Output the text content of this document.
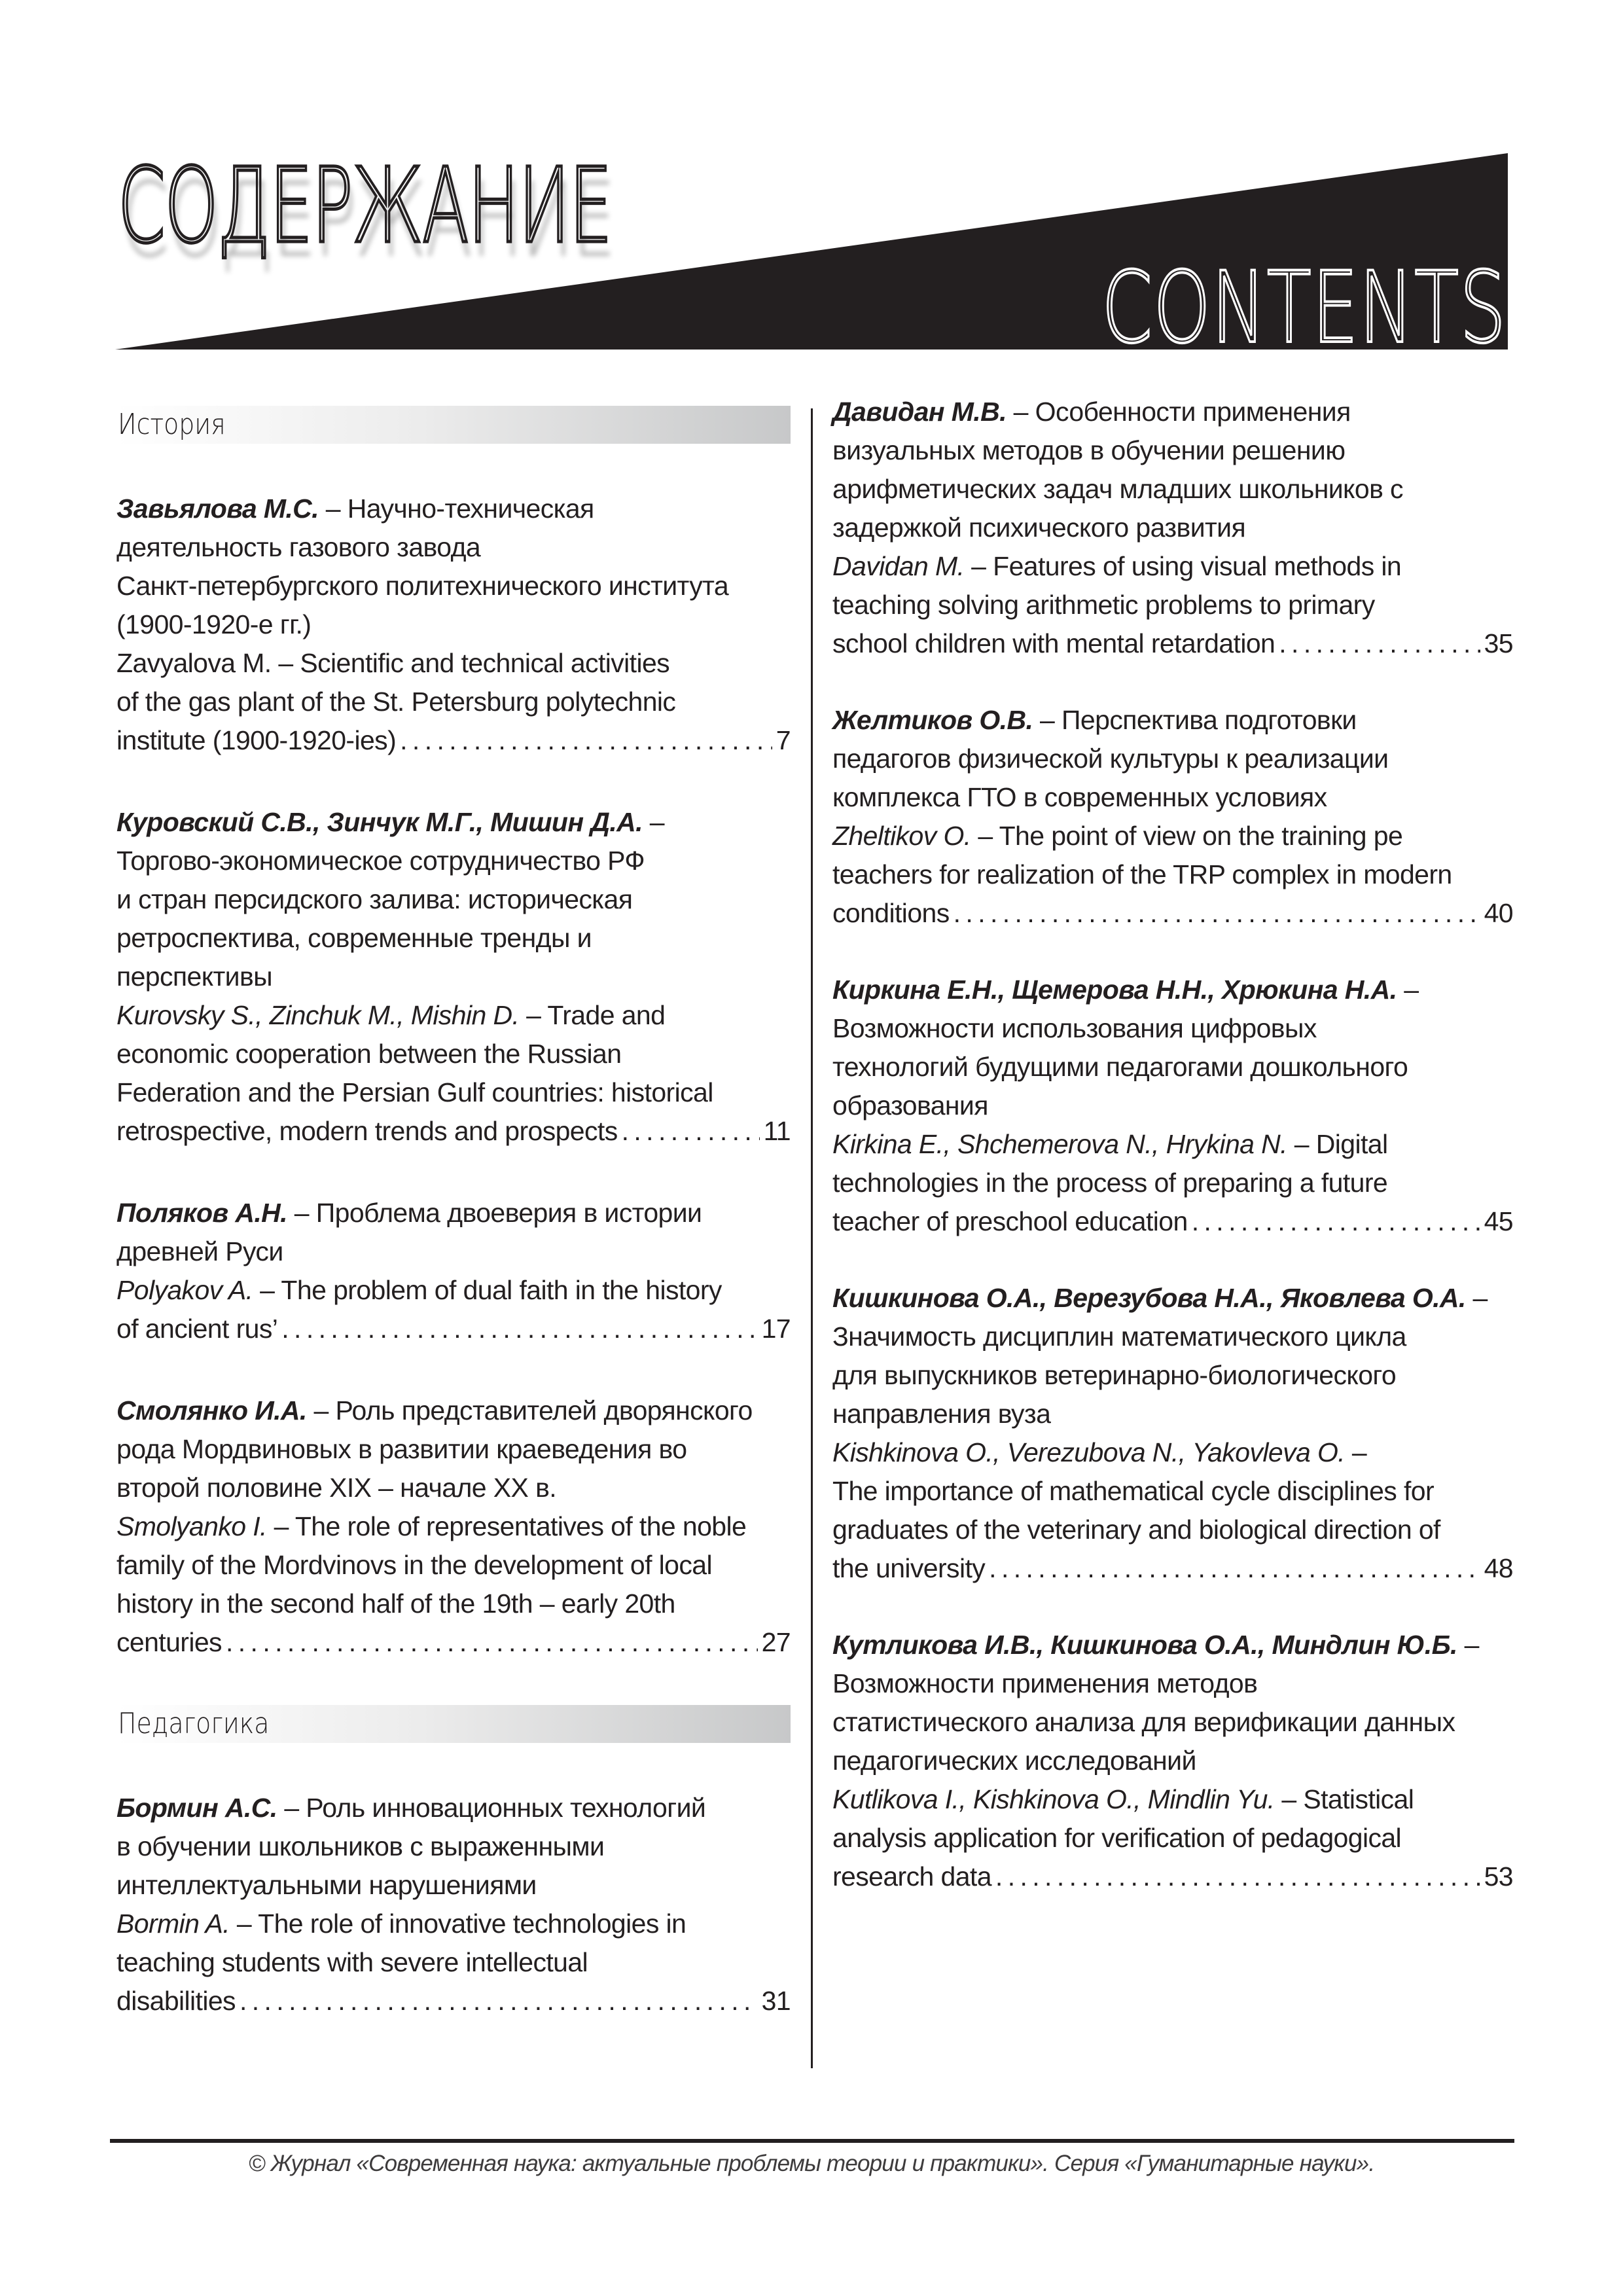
СОДЕРЖАНИЕ
CONTENTS
История
Завьялова М.С. – Научно-техническая
деятельность газового завода
Санкт-петербургского политехнического института
(1900-1920-е гг.)
Zavyalova M. – Scientific and technical activities
of the gas plant of the St. Petersburg polytechnic
institute (1900-1920-ies) . . .	7
Куровский С.В., Зинчук М.Г., Мишин Д.А. –
Торгово-экономическое сотрудничество РФ
и стран персидского залива: историческая
ретроспектива, современные тренды и
перспективы
Kurovsky S., Zinchuk M., Mishin D. – Trade and
economic cooperation between the Russian
Federation and the Persian Gulf countries: historical
retrospective, modern trends and prospects . . .	11
Поляков А.Н. – Проблема двоеверия в истории
древней Руси
Polyakov A. – The problem of dual faith in the history
of ancient rus’ . . .	17
Смолянко И.А. – Роль представителей дворянского
рода Мордвиновых в развитии краеведения во
второй половине XIX – начале XX в.
Smolyanko I. – The role of representatives of the noble
family of the Mordvinovs in the development of local
history in the second half of the 19th – early 20th
centuries . . .	27
Педагогика
Бормин А.С. – Роль инновационных технологий
в обучении школьников с выраженными
интеллектуальными нарушениями
Bormin A. – The role of innovative technologies in
teaching students with severe intellectual
disabilities . . .	31
Давидан М.В. – Особенности применения
визуальных методов в обучении решению
арифметических задач младших школьников с
задержкой психического развития
Davidan M. – Features of using visual methods in
teaching solving arithmetic problems to primary
school children with mental retardation . . .	35
Желтиков О.В. – Перспектива подготовки
педагогов физической культуры к реализации
комплекса ГТО в современных условиях
Zheltikov O. – The point of view on the training pe
teachers for realization of the TRP complex in modern
conditions . . .	40
Киркина Е.Н., Щемерова Н.Н., Хрюкина Н.А. –
Возможности использования цифровых
технологий будущими педагогами дошкольного
образования
Kirkina E., Shchemerova N., Hrykina N. – Digital
technologies in the process of preparing a future
teacher of preschool education . . .	45
Кишкинова О.А., Верезубова Н.А., Яковлева О.А. –
Значимость дисциплин математического цикла
для выпускников ветеринарно-биологического
направления вуза
Kishkinova O., Verezubova N., Yakovleva O. –
The importance of mathematical cycle disciplines for
graduates of the veterinary and biological direction of
the university . . .	48
Кутликова И.В., Кишкинова О.А., Миндлин Ю.Б. –
Возможности применения методов
статистического анализа для верификации данных
педагогических исследований
Kutlikova I., Kishkinova O., Mindlin Yu. – Statistical
analysis application for verification of pedagogical
research data . . .	53
© Журнал «Современная наука: актуальные проблемы теории и практики». Серия «Гуманитарные науки».
